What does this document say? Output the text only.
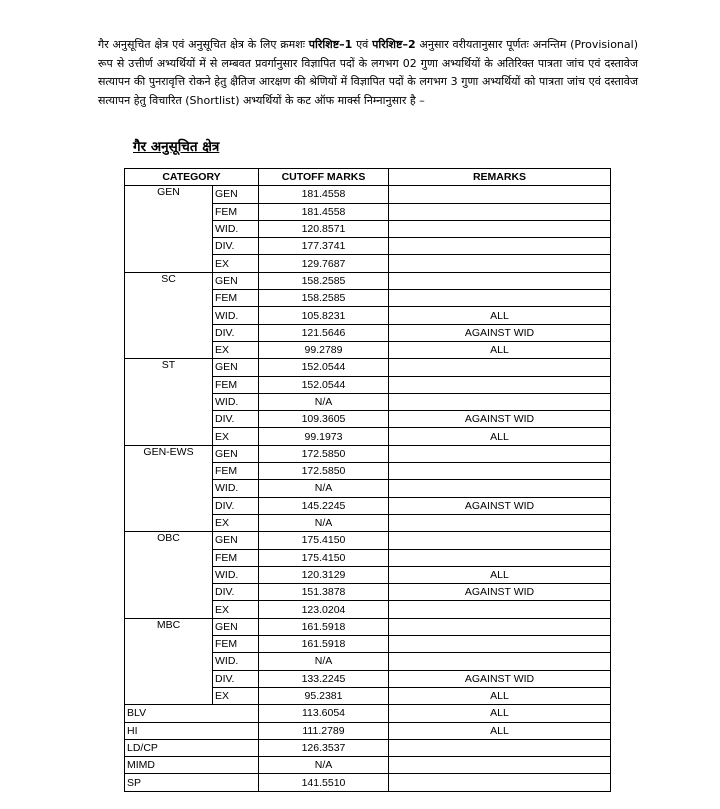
गैर अनुसूचित क्षेत्र एवं अनुसूचित क्षेत्र के लिए क्रमशः परिशिष्ट–1 एवं परिशिष्ट–2 अनुसार वरीयतानुसार पूर्णतः अनन्तिम (Provisional) रूप से उत्तीर्ण अभ्यर्थियों में से लम्बवत प्रवर्गानुसार विज्ञापित पदों के लगभग 02 गुणा अभ्यर्थियों के अतिरिक्त पात्रता जांच एवं दस्तावेज सत्यापन की पुनरावृत्ति रोकने हेतु क्षैतिज आरक्षण की श्रेणियों में विज्ञापित पदों के लगभग 3 गुणा अभ्यर्थियों को पात्रता जांच एवं दस्तावेज सत्यापन हेतु विचारित (Shortlist) अभ्यर्थियों के कट ऑफ मार्क्स निम्नानुसार है –
गैर अनुसूचित क्षेत्र
CATEGORY		CUTOFF MARKS	REMARKS
GEN	GEN	181.4558	
	FEM	181.4558	
	WID.	120.8571	
	DIV.	177.3741	
	EX	129.7687	
SC	GEN	158.2585	
	FEM	158.2585	
	WID.	105.8231	ALL
	DIV.	121.5646	AGAINST WID
	EX	99.2789	ALL
ST	GEN	152.0544	
	FEM	152.0544	
	WID.	N/A	
	DIV.	109.3605	AGAINST WID
	EX	99.1973	ALL
GEN-EWS	GEN	172.5850	
	FEM	172.5850	
	WID.	N/A	
	DIV.	145.2245	AGAINST WID
	EX	N/A	
OBC	GEN	175.4150	
	FEM	175.4150	
	WID.	120.3129	ALL
	DIV.	151.3878	AGAINST WID
	EX	123.0204	
MBC	GEN	161.5918	
	FEM	161.5918	
	WID.	N/A	
	DIV.	133.2245	AGAINST WID
	EX	95.2381	ALL
BLV		113.6054	ALL
HI		111.2789	ALL
LD/CP		126.3537	
MIMD		N/A	
SP		141.5510	
